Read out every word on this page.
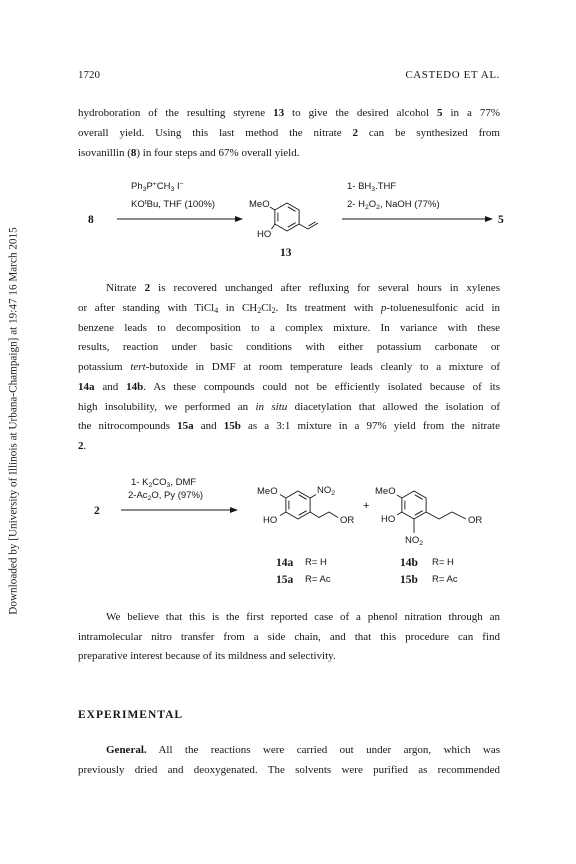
Downloaded by [University of Illinois at Urbana-Champaign] at 19:47 16 March 2015
1720	CASTEDO ET AL.
hydroboration of the resulting styrene 13 to give the desired alcohol 5 in a 77%
overall yield. Using this last method the nitrate 2 can be synthesized from
isovanillin (8) in four steps and 67% overall yield.
8
$Ph_3P^+CH_3$ I−
$KO^tBu$, THF (100%)	MeO
HO
13
1- $BH_3.THF$
2- $H_2O_2$, NaOH (77%)
5
Nitrate 2 is recovered unchanged after refluxing for several hours in xylenes
or after standing with TiCl$_4$ in $CH_2Cl_2$. Its treatment with p-toluenesulfonic acid in
benzene leads to decomposition to a complex mixture. In variance with these
results, reaction under basic conditions with either potassium carbonate or
potassium tert-butoxide in DMF at room temperature leads cleanly to a mixture of
14a and 14b. As these compounds could not be efficiently isolated because of its
high insolubility, we performed an in situ diacetylation that allowed the isolation of
the nitrocompounds 15a and 15b as a 3:1 mixture in a 97% yield from the nitrate
2.
2
1- $K_2CO_3$, DMF
$2-Ac_2O$, Py (97%)	MeO	$NO_2$
HO	OR
+
MeO
HO
$NO_2$
OR
14a R= H
15a R= Ac
14b R= H
15b R= Ac
We believe that this is the first reported case of a phenol nitration through an
intramolecular nitro transfer from a side chain, and that this procedure can find
preparative interest because of its mildness and selectivity.
EXPERIMENTAL
General. All the reactions were carried out under argon, which was
previously dried and deoxygenated. The solvents were purified as recommended
